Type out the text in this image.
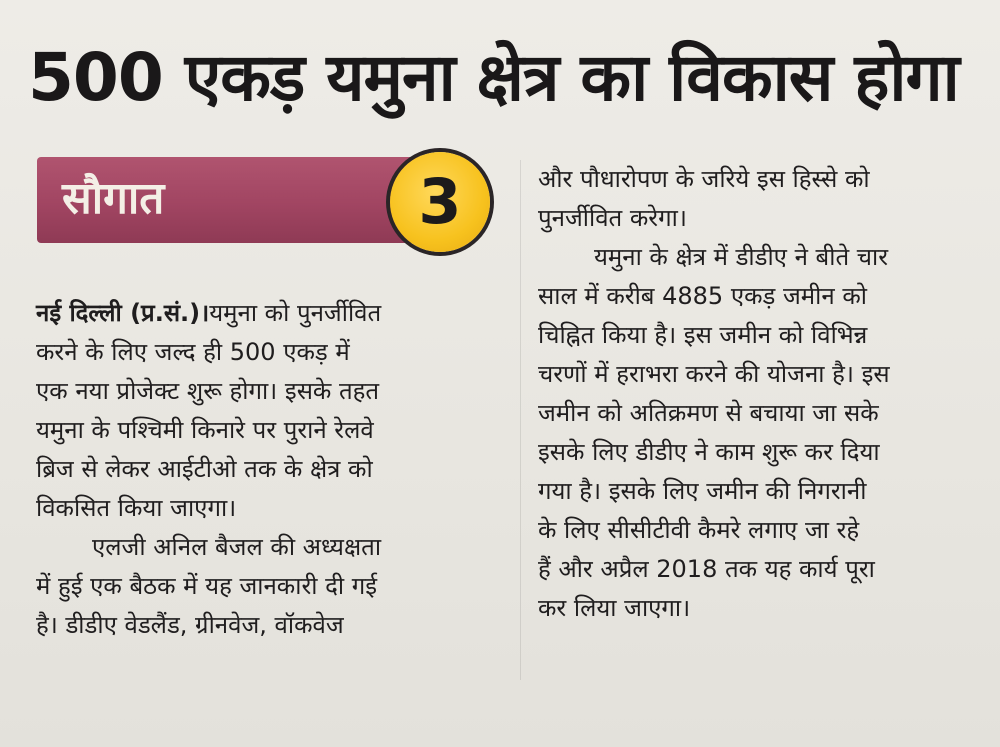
500 एकड़ यमुना क्षेत्र का विकास होगा
सौगात	3
नई दिल्ली (प्र.सं.)।यमुना को पुनर्जीवित
करने के लिए जल्द ही 500 एकड़ में
एक नया प्रोजेक्ट शुरू होगा। इसके तहत
यमुना के पश्चिमी किनारे पर पुराने रेलवे
ब्रिज से लेकर आईटीओ तक के क्षेत्र को
विकसित किया जाएगा।
एलजी अनिल बैजल की अध्यक्षता
में हुई एक बैठक में यह जानकारी दी गई
है। डीडीए वेडलैंड, ग्रीनवेज, वॉकवेज
और पौधारोपण के जरिये इस हिस्से को
पुनर्जीवित करेगा।
यमुना के क्षेत्र में डीडीए ने बीते चार
साल में करीब 4885 एकड़ जमीन को
चिह्नित किया है। इस जमीन को विभिन्न
चरणों में हराभरा करने की योजना है। इस
जमीन को अतिक्रमण से बचाया जा सके
इसके लिए डीडीए ने काम शुरू कर दिया
गया है। इसके लिए जमीन की निगरानी
के लिए सीसीटीवी कैमरे लगाए जा रहे
हैं और अप्रैल 2018 तक यह कार्य पूरा
कर लिया जाएगा।
